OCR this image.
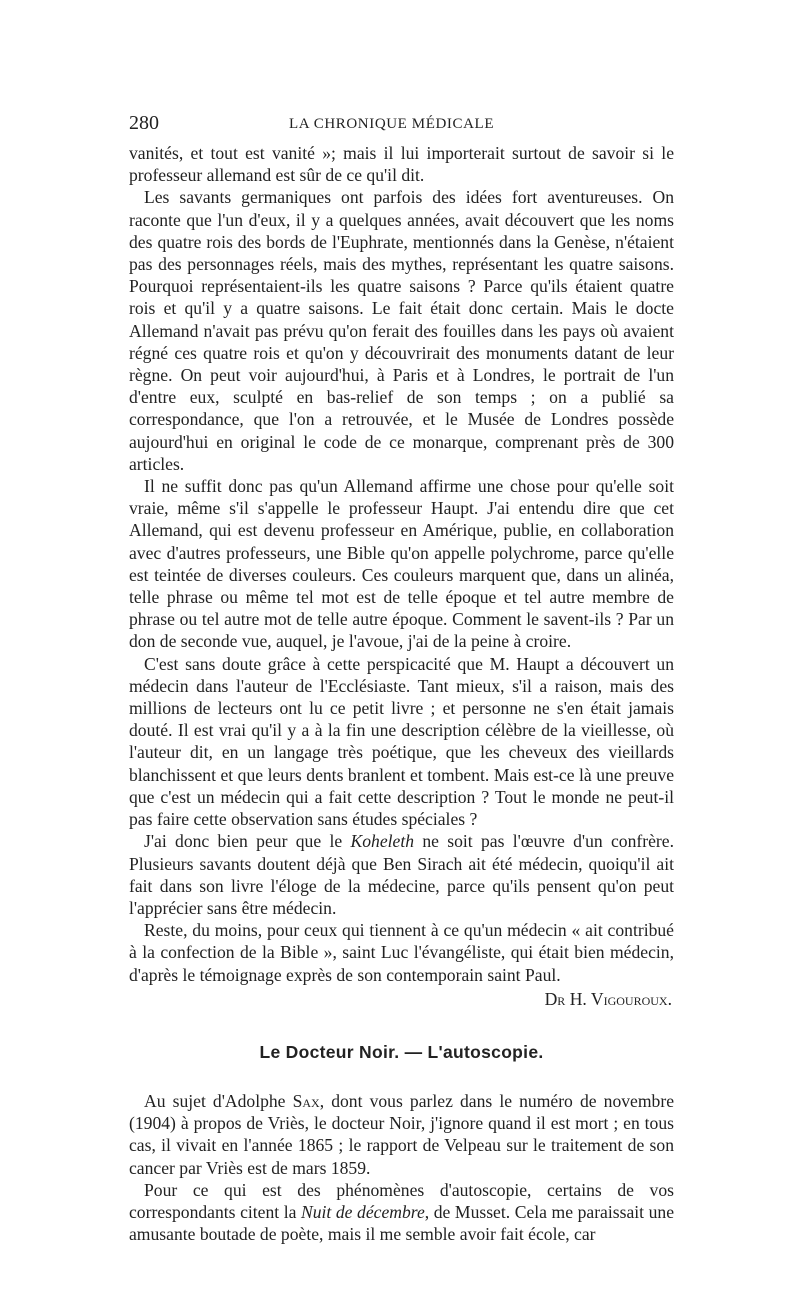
280	LA CHRONIQUE MÉDICALE

vanités, et tout est vanité »; mais il lui importerait surtout de savoir si le professeur allemand est sûr de ce qu'il dit.

Les savants germaniques ont parfois des idées fort aventureuses. On raconte que l'un d'eux, il y a quelques années, avait découvert que les noms des quatre rois des bords de l'Euphrate, mentionnés dans la Genèse, n'étaient pas des personnages réels, mais des mythes, représentant les quatre saisons. Pourquoi représentaient-ils les quatre saisons ? Parce qu'ils étaient quatre rois et qu'il y a quatre saisons. Le fait était donc certain. Mais le docte Allemand n'avait pas prévu qu'on ferait des fouilles dans les pays où avaient régné ces quatre rois et qu'on y découvrirait des monuments datant de leur règne. On peut voir aujourd'hui, à Paris et à Londres, le portrait de l'un d'entre eux, sculpté en bas-relief de son temps ; on a publié sa correspondance, que l'on a retrouvée, et le Musée de Londres possède aujourd'hui en original le code de ce monarque, comprenant près de 300 articles.

Il ne suffit donc pas qu'un Allemand affirme une chose pour qu'elle soit vraie, même s'il s'appelle le professeur Haupt. J'ai entendu dire que cet Allemand, qui est devenu professeur en Amérique, publie, en collaboration avec d'autres professeurs, une Bible qu'on appelle polychrome, parce qu'elle est teintée de diverses couleurs. Ces couleurs marquent que, dans un alinéa, telle phrase ou même tel mot est de telle époque et tel autre membre de phrase ou tel autre mot de telle autre époque. Comment le savent-ils ? Par un don de seconde vue, auquel, je l'avoue, j'ai de la peine à croire.

C'est sans doute grâce à cette perspicacité que M. Haupt a découvert un médecin dans l'auteur de l'Ecclésiaste. Tant mieux, s'il a raison, mais des millions de lecteurs ont lu ce petit livre ; et personne ne s'en était jamais douté. Il est vrai qu'il y a à la fin une description célèbre de la vieillesse, où l'auteur dit, en un langage très poétique, que les cheveux des vieillards blanchissent et que leurs dents branlent et tombent. Mais est-ce là une preuve que c'est un médecin qui a fait cette description ? Tout le monde ne peut-il pas faire cette observation sans études spéciales ?

J'ai donc bien peur que le Koheleth ne soit pas l'œuvre d'un confrère. Plusieurs savants doutent déjà que Ben Sirach ait été médecin, quoiqu'il ait fait dans son livre l'éloge de la médecine, parce qu'ils pensent qu'on peut l'apprécier sans être médecin.

Reste, du moins, pour ceux qui tiennent à ce qu'un médecin « ait contribué à la confection de la Bible », saint Luc l'évangéliste, qui était bien médecin, d'après le témoignage exprès de son contemporain saint Paul.

Dr H. Vigouroux.
Le Docteur Noir. — L'autoscopie.

Au sujet d'Adolphe Sax, dont vous parlez dans le numéro de novembre (1904) à propos de Vriès, le docteur Noir, j'ignore quand il est mort ; en tous cas, il vivait en l'année 1865 ; le rapport de Velpeau sur le traitement de son cancer par Vriès est de mars 1859.

Pour ce qui est des phénomènes d'autoscopie, certains de vos correspondants citent la Nuit de décembre, de Musset. Cela me paraissait une amusante boutade de poète, mais il me semble avoir fait école, car
